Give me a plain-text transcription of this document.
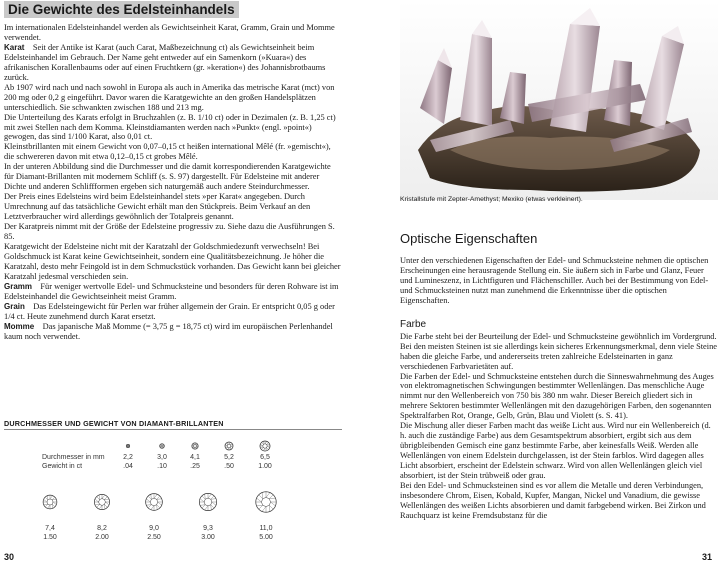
Die Gewichte des Edelsteinhandels

Im internationalen Edelsteinhandel werden als Gewichtseinheit Karat, Gramm, Grain und Momme verwendet.

Karat Seit der Antike ist Karat (auch Carat, Maßbezeichnung ct) als Gewichtseinheit beim Edelsteinhandel im Gebrauch. Der Name geht entweder auf ein Samenkorn (»Kuara«) des afrikanischen Korallenbaums oder auf einen Fruchtkern (gr. »keration«) des Johannisbrotbaums zurück.

Ab 1907 wird nach und nach sowohl in Europa als auch in Amerika das metrische Karat (mct) von 200 mg oder 0,2 g eingeführt. Davor waren die Karatgewichte an den großen Handelsplätzen unterschiedlich. Sie schwankten zwischen 188 und 213 mg.

Die Unterteilung des Karats erfolgt in Bruchzahlen (z. B. 1/10 ct) oder in Dezimalen (z. B. 1,25 ct) mit zwei Stellen nach dem Komma. Kleinstdiamanten werden nach »Punkt« (engl. »point«) gewogen, das sind 1/100 Karat, also 0,01 ct.

Kleinstbrillanten mit einem Gewicht von 0,07–0,15 ct heißen international Mêlé (fr. »gemischt«), die schwereren davon mit etwa 0,12–0,15 ct grobes Mêlé.

In der unteren Abbildung sind die Durchmesser und die damit korrespondierenden Karatgewichte für Diamant-Brillanten mit modernem Schliff (s. S. 97) dargestellt. Für Edelsteine mit anderer Dichte und anderen Schliffformen ergeben sich naturgemäß auch andere Steindurchmesser.

Der Preis eines Edelsteins wird beim Edelsteinhandel stets »per Karat« angegeben. Durch Umrechnung auf das tatsächliche Gewicht erhält man den Stückpreis. Beim Verkauf an den Letztverbraucher wird allerdings gewöhnlich der Totalpreis genannt.

Der Karatpreis nimmt mit der Größe der Edelsteine progressiv zu. Siehe dazu die Ausführungen S. 85.

Karatgewicht der Edelsteine nicht mit der Karatzahl der Goldschmiedezunft verwechseln! Bei Goldschmuck ist Karat keine Gewichtseinheit, sondern eine Qualitätsbezeichnung. Je höher die Karatzahl, desto mehr Feingold ist in dem Schmuckstück vorhanden. Das Gewicht kann bei gleicher Karatzahl jedesmal verschieden sein.

Gramm Für weniger wertvolle Edel- und Schmucksteine und besonders für deren Rohware ist im Edelsteinhandel die Gewichtseinheit meist Gramm.

Grain Das Edelsteingewicht für Perlen war früher allgemein der Grain. Er entspricht 0,05 g oder 1/4 ct. Heute zunehmend durch Karat ersetzt.

Momme Das japanische Maß Momme (= 3,75 g = 18,75 ct) wird im europäischen Perlenhandel kaum noch verwendet.

DURCHMESSER UND GEWICHT VON DIAMANT-BRILLANTEN
Durchmesser in mm
Gewicht in ct
2,2
.04
3,0
.10
4,1
.25
5,2
.50
6,5
1.00
7,4
1.50
8,2
2.00
9,0
2.50
9,3
3.00
11,0
5.00
30
Kristallstufe mit Zepter-Amethyst; Mexiko (etwas verkleinert).
Optische Eigenschaften

Unter den verschiedenen Eigenschaften der Edel- und Schmucksteine nehmen die optischen Erscheinungen eine herausragende Stellung ein. Sie äußern sich in Farbe und Glanz, Feuer und Lumineszenz, in Lichtfiguren und Flächenschiller. Auch bei der Bestimmung von Edel- und Schmucksteinen nutzt man zunehmend die Erkenntnisse über die optischen Eigenschaften.

Farbe

Die Farbe steht bei der Beurteilung der Edel- und Schmucksteine gewöhnlich im Vordergrund. Bei den meisten Steinen ist sie allerdings kein sicheres Erkennungsmerkmal, denn viele Steine haben die gleiche Farbe, und andererseits treten zahlreiche Edelsteinarten in ganz verschiedenen Farbvarietäten auf.

Die Farben der Edel- und Schmucksteine entstehen durch die Sinneswahrnehmung des Auges von elektromagnetischen Schwingungen bestimmter Wellenlängen. Das menschliche Auge nimmt nur den Wellenbereich von 750 bis 380 nm wahr. Dieser Bereich gliedert sich in mehrere Sektoren bestimmter Wellenlängen mit den dazugehörigen Farben, den sogenannten Spektralfarben Rot, Orange, Gelb, Grün, Blau und Violett (s. S. 41).

Die Mischung aller dieser Farben macht das weiße Licht aus. Wird nur ein Wellenbereich (d. h. auch die zuständige Farbe) aus dem Gesamtspektrum absorbiert, ergibt sich aus dem übrigbleibenden Gemisch eine ganz bestimmte Farbe, aber keinesfalls Weiß. Werden alle Wellenlängen von einem Edelstein durchgelassen, ist der Stein farblos. Wird dagegen alles Licht absorbiert, erscheint der Edelstein schwarz. Wird von allen Wellenlängen gleich viel absorbiert, ist der Stein trübweiß oder grau.

Bei den Edel- und Schmucksteinen sind es vor allem die Metalle und deren Verbindungen, insbesondere Chrom, Eisen, Kobald, Kupfer, Mangan, Nickel und Vanadium, die gewisse Wellenlängen des weißen Lichts absorbieren und damit farbgebend wirken. Bei Zirkon und Rauchquarz ist keine Fremdsubstanz für die

31
